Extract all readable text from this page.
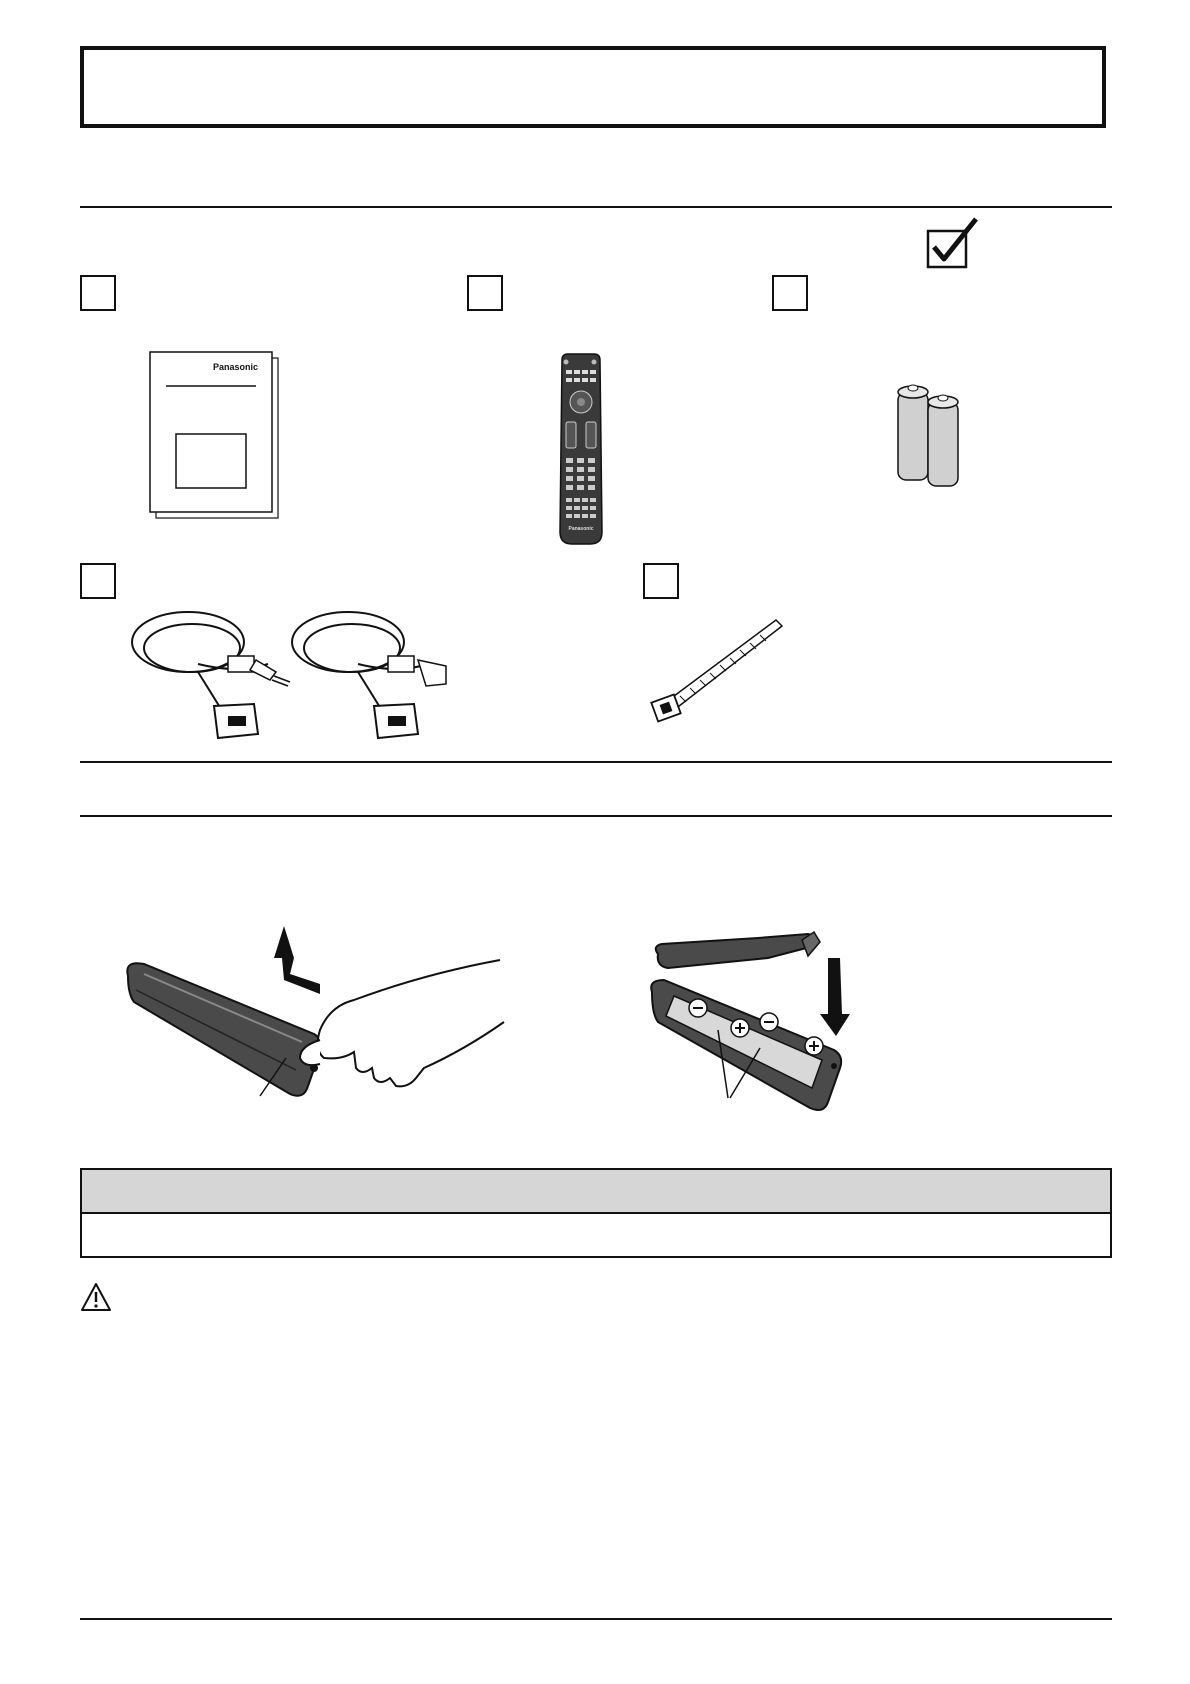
Panasonic
Panasonic
